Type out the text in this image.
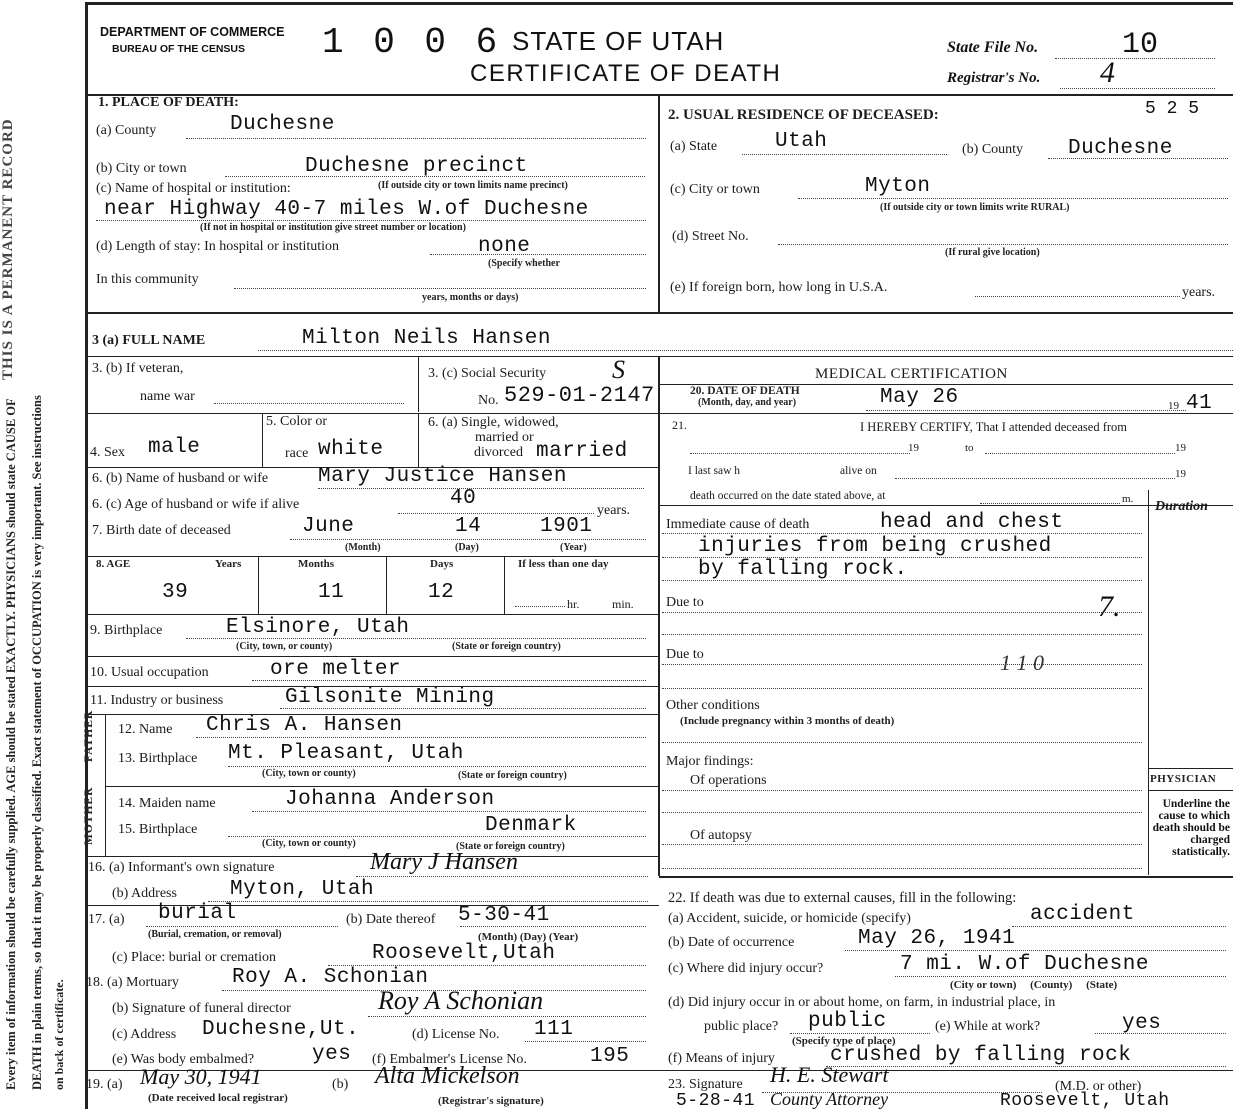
Every item of information should be carefully supplied. AGE should be stated EXACTLY. PHYSICIANS should state CAUSE OF DEATH in plain terms, so that it may be properly classified. Exact statement of OCCUPATION is very important. See instructions on back of certificate.
THIS IS A PERMANENT RECORD
DEPARTMENT OF COMMERCE
BUREAU OF THE CENSUS 1 0 0 6 STATE OF UTAH
CERTIFICATE OF DEATH
State File No.	10
Registrar's No. 4
5 2 5
1. PLACE OF DEATH:
(a) County	Duchesne
(b) City or town	Duchesne precinct
(c) Name of hospital or institution:	(If outside city or town limits name precinct)
near Highway 40-7 miles W.of Duchesne
(If not in hospital or institution give street number or location)
(d) Length of stay: In hospital or institution	none
(Specify whether
In this community
years, months or days)
2. USUAL RESIDENCE OF DECEASED:
(a) State	Utah	(b) County Duchesne
(c) City or town	Myton
(If outside city or town limits write RURAL)
(d) Street No.
(If rural give location)
(e) If foreign born, how long in U.S.A.	years.
3 (a) FULL NAME	Milton Neils Hansen
3. (b) If veteran,
name war
3. (c) Social Security	S
No. 529-01-2147
4. Sex male
5. Color or
race white
6. (a) Single, widowed,
married or
divorced married
6. (b) Name of husband or wife Mary Justice Hansen
6. (c) Age of husband or wife if alive	40
years.
7. Birth date of deceased	June	14	1901
(Month)	(Day)	(Year)
8. AGE	Years	Months	Days	If less than one day
39	11	12	hr.	min.
9. Birthplace	Elsinore, Utah
(City, town, or county)	(State or foreign country)
10. Usual occupation	ore melter
11. Industry or business	Gilsonite Mining
FATHER
MOTHER
12. Name Chris A. Hansen
13. Birthplace Mt. Pleasant, Utah
(City, town or county)	(State or foreign country)
14. Maiden name	Johanna Anderson
15. Birthplace	Denmark
(City, town or county)	(State or foreign country)
16. (a) Informant's own signature	Mary J Hansen
(b) Address	Myton, Utah
17. (a) burial
(Burial, cremation, or removal)
(b) Date thereof 5-30-41
(Month) (Day) (Year)
(c) Place: burial or cremation	Roosevelt,Utah
18. (a) Mortuary	Roy A. Schonian
(b) Signature of funeral director	Roy A Schonian
(c) Address Duchesne,Ut.	(d) License No. 111
(e) Was body embalmed?	yes (f) Embalmer's License No.	195
19. (a) May 30, 1941
(Date received local registrar)
(b) Alta Mickelson
(Registrar's signature)
MEDICAL CERTIFICATION
20. DATE OF DEATH
(Month, day, and year)	May 26	19 41
21.	I HEREBY CERTIFY, That I attended deceased from
19	to	19
I last saw h	alive on	19
death occurred on the date stated above, at	m. Duration
Immediate cause of death	head and chest
injuries from being crushed
by falling rock.
7.
Due to
Due to	1 1 0
Other conditions
(Include pregnancy within 3 months of death)
Major findings:
Of operations
Of autopsy
PHYSICIAN
Underline the cause to which death should be charged statistically.
22. If death was due to external causes, fill in the following:
(a) Accident, suicide, or homicide (specify)	accident
(b) Date of occurrence	May 26, 1941
(c) Where did injury occur?	7 mi. W.of Duchesne
(City or town)     (County)     (State)
(d) Did injury occur in or about home, on farm, in industrial place, in
public place? public
(Specify type of place)
(e) While at work?	yes
(f) Means of injury	crushed by falling rock
23. Signature H. E. Stewart	(M.D. or other)
5-28-41 County Attorney	Roosevelt, Utah
